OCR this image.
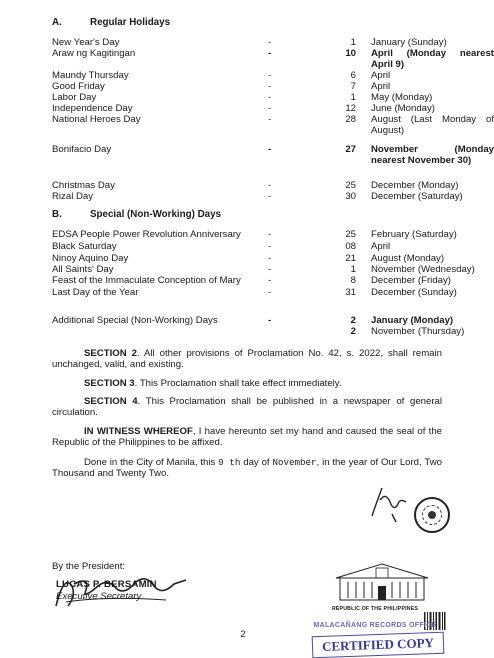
A.	Regular Holidays
New Year's Day	-	1 January (Sunday)
Araw ng Kagitingan	-	10 April (Monday nearest April 9)
Maundy Thursday	-	6 April
Good Friday	-	7 April
Labor Day	-	1 May (Monday)
Independence Day	-	12 June (Monday)
National Heroes Day	-	28 August (Last Monday of August)
Bonifacio Day	-	27 November (Monday nearest November 30)
Christmas Day	-	25 December (Monday)
Rizal Day	-	30 December (Saturday)
B.	Special (Non-Working) Days
EDSA People Power Revolution Anniversary	-	25 February (Saturday)
Black Saturday	-	08 April
Ninoy Aquino Day	-	21 August (Monday)
All Saints' Day	-	1 November (Wednesday)
Feast of the Immaculate Conception of Mary	-	8 December (Friday)
Last Day of the Year	-	31 December (Sunday)
Additional Special (Non-Working) Days	-	2 January (Monday)
2 November (Thursday)
SECTION 2. All other provisions of Proclamation No. 42, s. 2022, shall remain unchanged, valid, and existing.
SECTION 3. This Proclamation shall take effect immediately.
SECTION 4. This Proclamation shall be published in a newspaper of general circulation.
IN WITNESS WHEREOF, I have hereunto set my hand and caused the seal of the Republic of the Philippines to be affixed.
Done in the City of Manila, this 9 th day of November, in the year of Our Lord, Two Thousand and Twenty Two.
By the President:
LUCAS P. BERSAMIN
Executive Secretary
REPUBLIC OF THE PHILIPPINES
MALACAÑANG RECORDS OFFICE
CERTIFIED COPY
2
